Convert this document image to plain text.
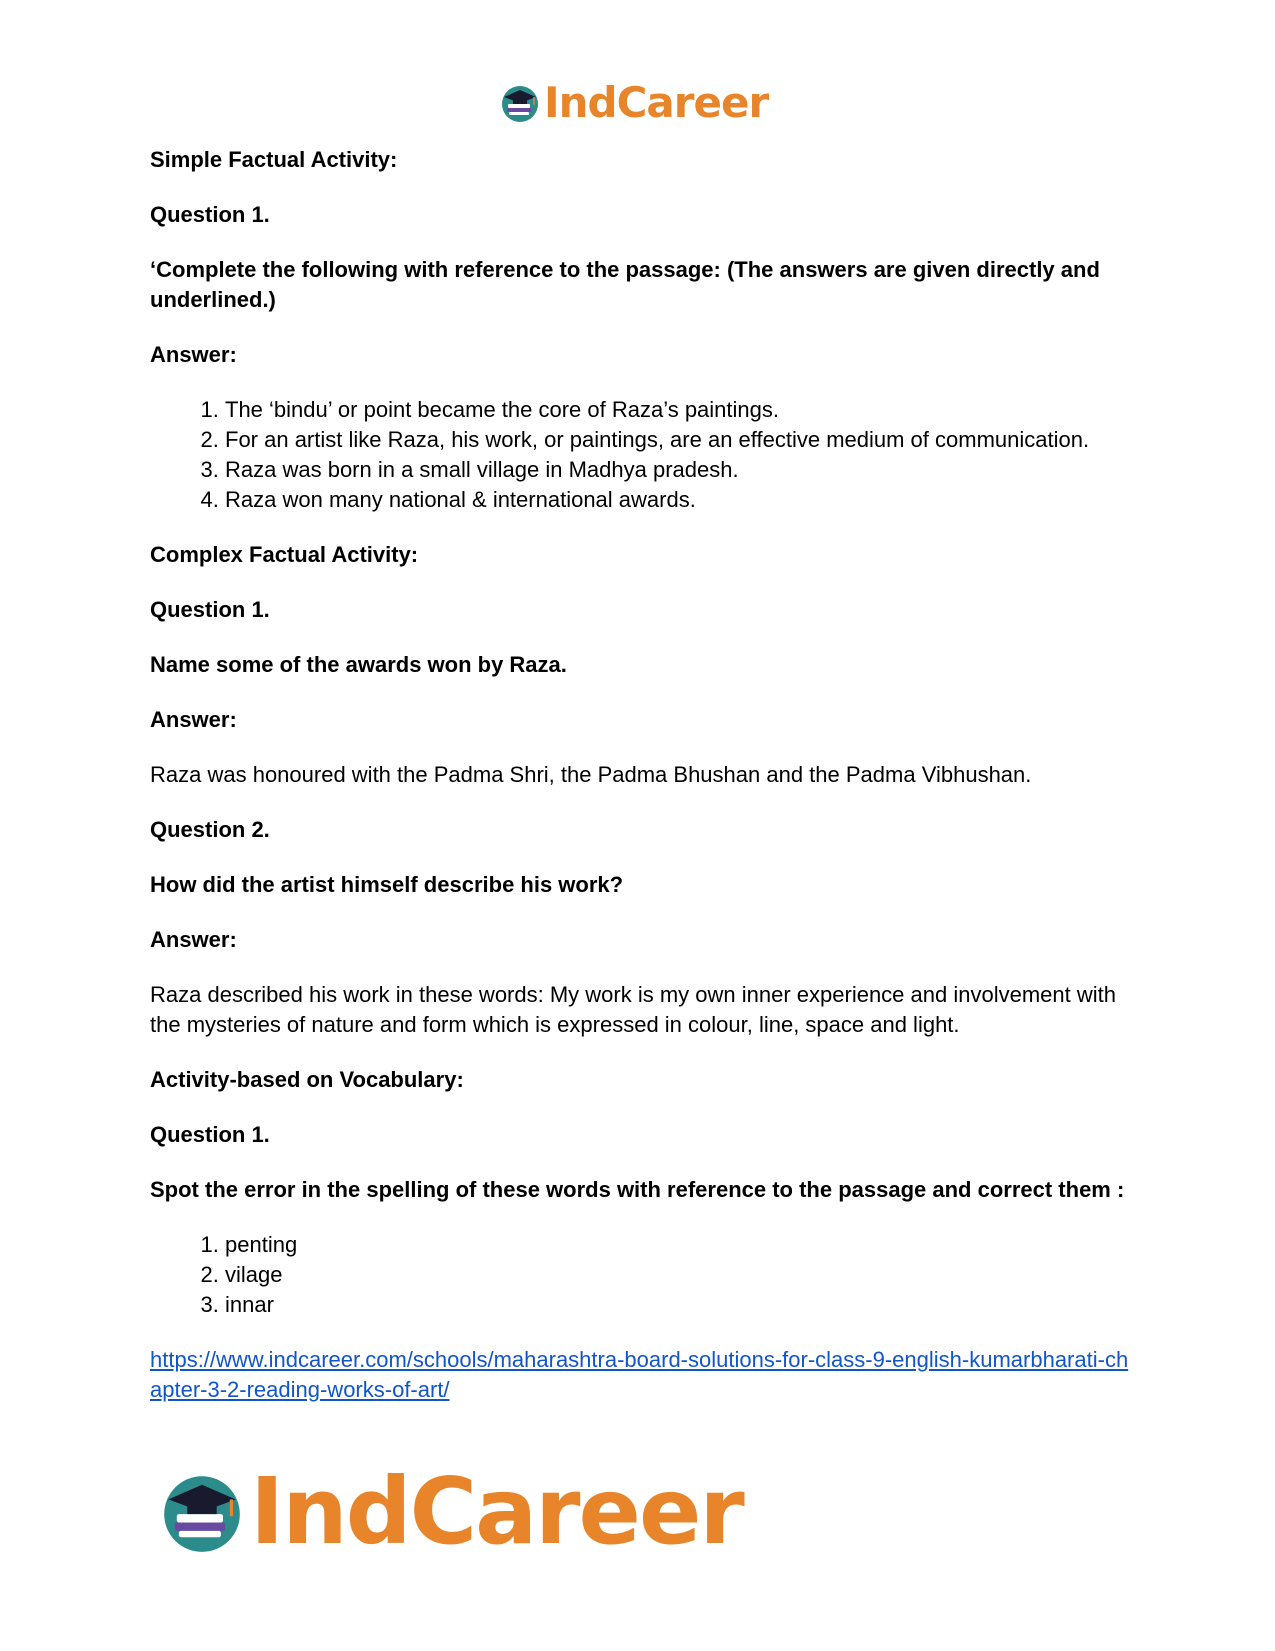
IndCareer

Simple Factual Activity:

Question 1.

‘Complete the following with reference to the passage: (The answers are given directly and underlined.)

Answer:

1. The ‘bindu’ or point became the core of Raza’s paintings.
2. For an artist like Raza, his work, or paintings, are an effective medium of communication.
3. Raza was born in a small village in Madhya pradesh.
4. Raza won many national & international awards.

Complex Factual Activity:

Question 1.

Name some of the awards won by Raza.

Answer:

Raza was honoured with the Padma Shri, the Padma Bhushan and the Padma Vibhushan.

Question 2.

How did the artist himself describe his work?

Answer:

Raza described his work in these words: My work is my own inner experience and involvement with the mysteries of nature and form which is expressed in colour, line, space and light.

Activity-based on Vocabulary:

Question 1.

Spot the error in the spelling of these words with reference to the passage and correct them :

1. penting
2. vilage
3. innar
https://www.indcareer.com/schools/maharashtra-board-solutions-for-class-9-english-kumarbharati-chapter-3-2-reading-works-of-art/
IndCareer
